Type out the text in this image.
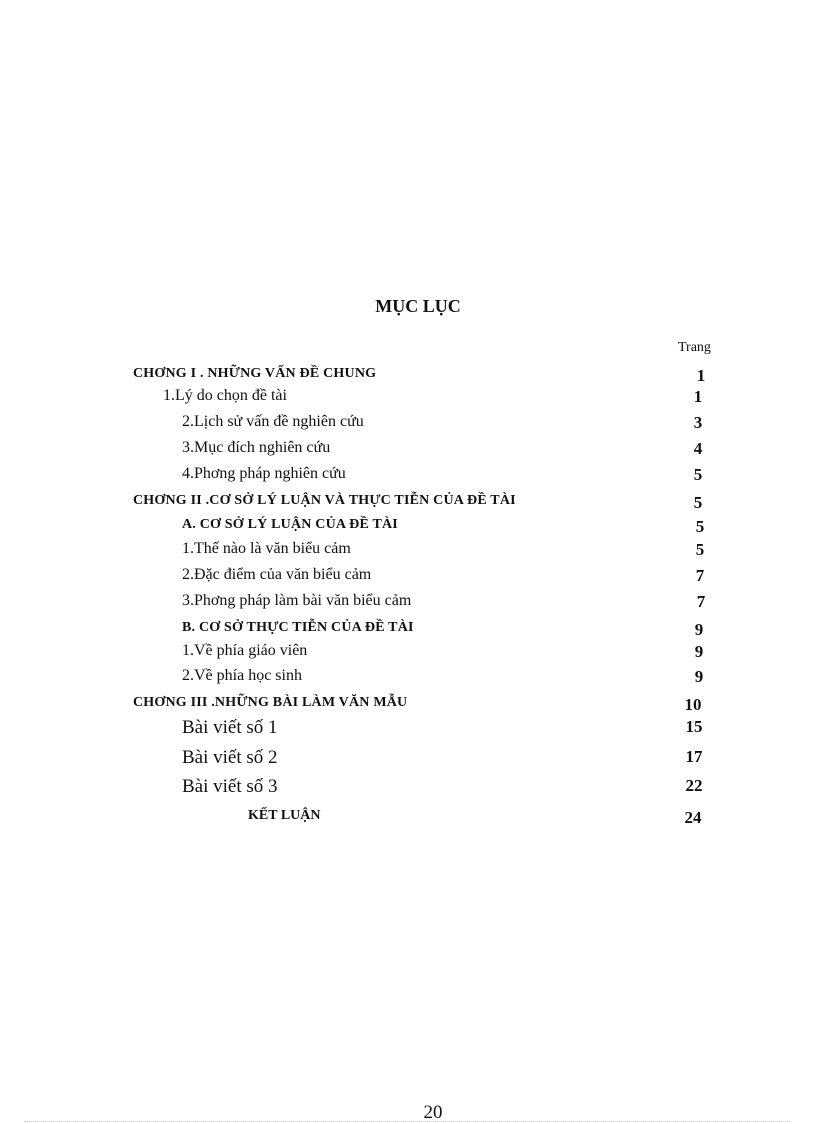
MỤC LỤC
Trang
CHƠNG I . NHỮNG VẤN ĐỀ CHUNG	1
1.Lý do chọn đề tài	1
2.Lịch sử vấn đề nghiên cứu	3
3.Mục đích nghiên cứu	4
4.Phơng pháp nghiên cứu	5
CHƠNG II .CƠ SỞ LÝ LUẬN VÀ THỰC TIỄN CỦA ĐỀ TÀI	5
A. CƠ SỞ LÝ LUẬN CỦA ĐỀ TÀI	5
1.Thế nào là văn biểu cảm	5
2.Đặc điểm của văn biểu cảm	7
3.Phơng pháp làm bài văn biểu cảm	7
B. CƠ SỞ THỰC TIỄN CỦA ĐỀ TÀI	9
1.Về phía giáo viên	9
2.Về phía học sinh	9
CHƠNG III .NHỮNG BÀI LÀM VĂN MẪU	10
Bài viết số 1	15
Bài viết số 2	17
Bài viết số 3	22
KẾT LUẬN	24
20
